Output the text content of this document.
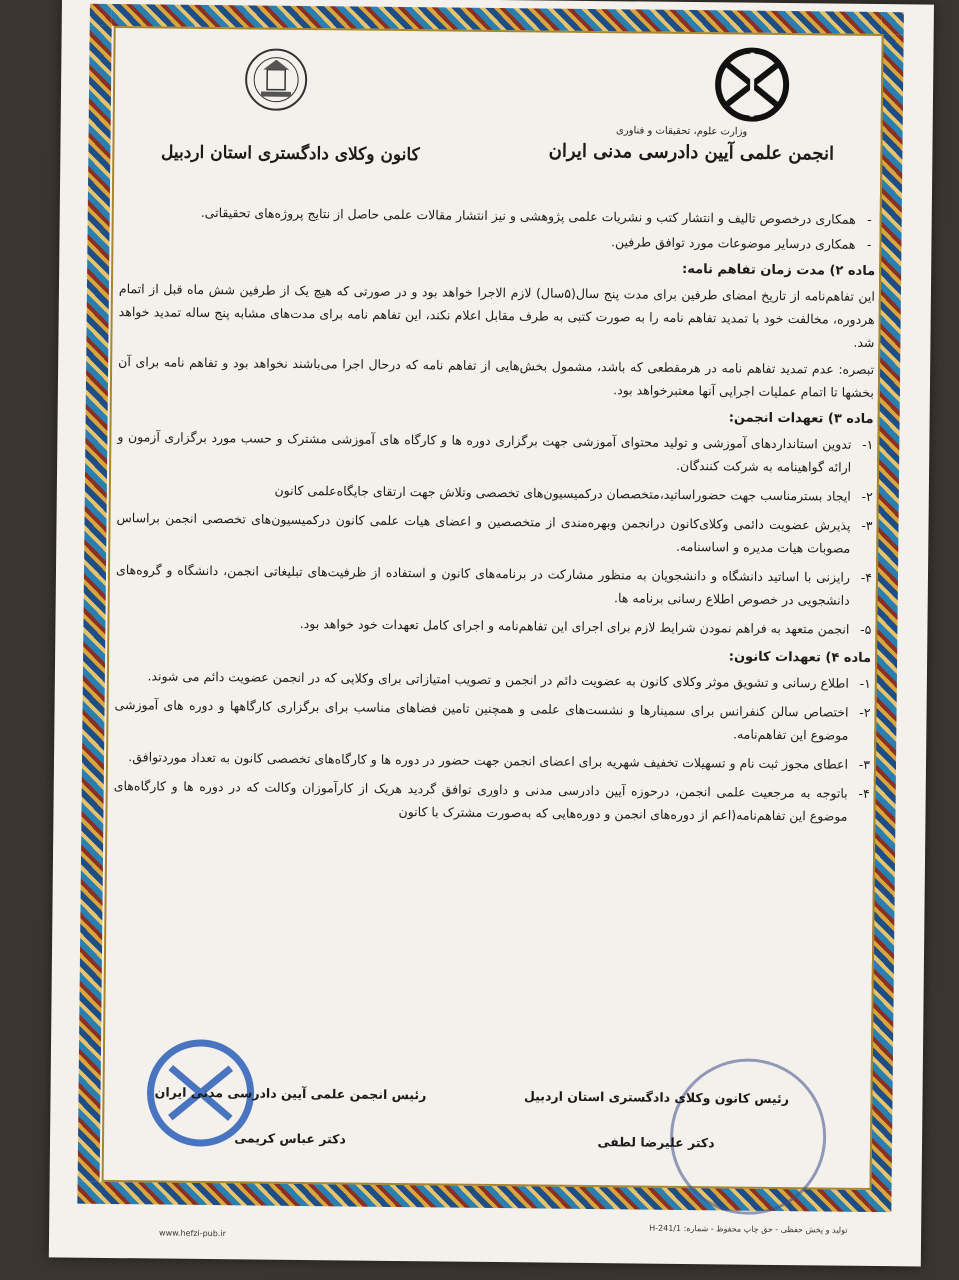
کانون وکلای دادگستری استان اردبیل
وزارت علوم، تحقیقات و فناوری
انجمن علمی آیین دادرسی مدنی ایران
-
همکاری درخصوص تالیف و انتشار کتب و نشریات علمی پژوهشی و نیز انتشار مقالات علمی حاصل از نتایج پروژه‌های تحقیقاتی.
-
همکاری درسایر موضوعات مورد توافق طرفین.
ماده ۲) مدت زمان تفاهم نامه:
این تفاهم‌نامه از تاریخ امضای طرفین برای مدت پنج سال(۵سال) لازم الاجرا خواهد بود و در صورتی که هیچ یک از طرفین شش ماه قبل از اتمام هردوره، مخالفت خود با تمدید تفاهم نامه را به صورت کتبی به طرف مقابل اعلام نکند، این تفاهم نامه برای مدت‌های مشابه پنج ساله تمدید خواهد شد.
تبصره: عدم تمدید تفاهم نامه در هرمقطعی که باشد، مشمول بخش‌هایی از تفاهم نامه که درحال اجرا می‌باشند نخواهد بود و تفاهم نامه برای آن بخشها تا اتمام عملیات اجرایی آنها معتبرخواهد بود.
ماده ۳) تعهدات انجمن:
۱-
تدوین استانداردهای آموزشی و تولید محتوای آموزشی جهت برگزاری دوره ها و کارگاه های آموزشی مشترک و حسب مورد برگزاری آزمون و ارائه گواهینامه به شرکت کنندگان.
۲-
ایجاد بسترمناسب جهت حضوراساتید،متخصصان درکمیسیون‌های تخصصی وتلاش جهت ارتقای جایگاه‌علمی کانون
۳-
پذیرش عضویت دائمی وکلای‌کانون درانجمن وبهره‌مندی از متخصصین و اعضای هیات علمی کانون درکمیسیون‌های تخصصی انجمن براساس مصوبات هیات مدیره و اساسنامه.
۴-
رایزنی با اساتید دانشگاه و دانشجویان به منظور مشارکت در برنامه‌های کانون و استفاده از ظرفیت‌های تبلیغاتی انجمن، دانشگاه و گروه‌های دانشجویی در خصوص اطلاع رسانی برنامه ها.
۵-
انجمن متعهد به فراهم نمودن شرایط لازم برای اجرای این تفاهم‌نامه و اجرای کامل تعهدات خود خواهد بود.
ماده ۴) تعهدات کانون:
۱-
اطلاع رسانی و تشویق موثر وکلای کانون به عضویت دائم در انجمن و تصویب امتیازاتی برای وکلایی که در انجمن عضویت دائم می شوند.
۲-
اختصاص سالن کنفرانس برای سمینارها و نشست‌های علمی و همچنین تامین فضاهای مناسب برای برگزاری کارگاهها و دوره های آموزشی موضوع این تفاهم‌نامه.
۳-
اعطای مجوز ثبت نام و تسهیلات تخفیف شهریه برای اعضای انجمن جهت حضور در دوره ها و کارگاه‌های تخصصی کانون به تعداد موردتوافق.
۴-
باتوجه به مرجعیت علمی انجمن، درحوزه آیین دادرسی مدنی و داوری توافق گردید هریک از کارآموزان وکالت که در دوره ها و کارگاه‌های موضوع این تفاهم‌نامه(اعم از دوره‌های انجمن و دوره‌هایی که به‌صورت مشترک با کانون
رئیس کانون وکلای دادگستری استان اردبیل
دکتر علیرضا لطفی
رئیس انجمن علمی آیین دادرسی مدنی ایران
دکتر عباس کریمی
www.hefzi-pub.ir
تولید و پخش حفظی - حق چاپ محفوظ - شماره: H-241/1
